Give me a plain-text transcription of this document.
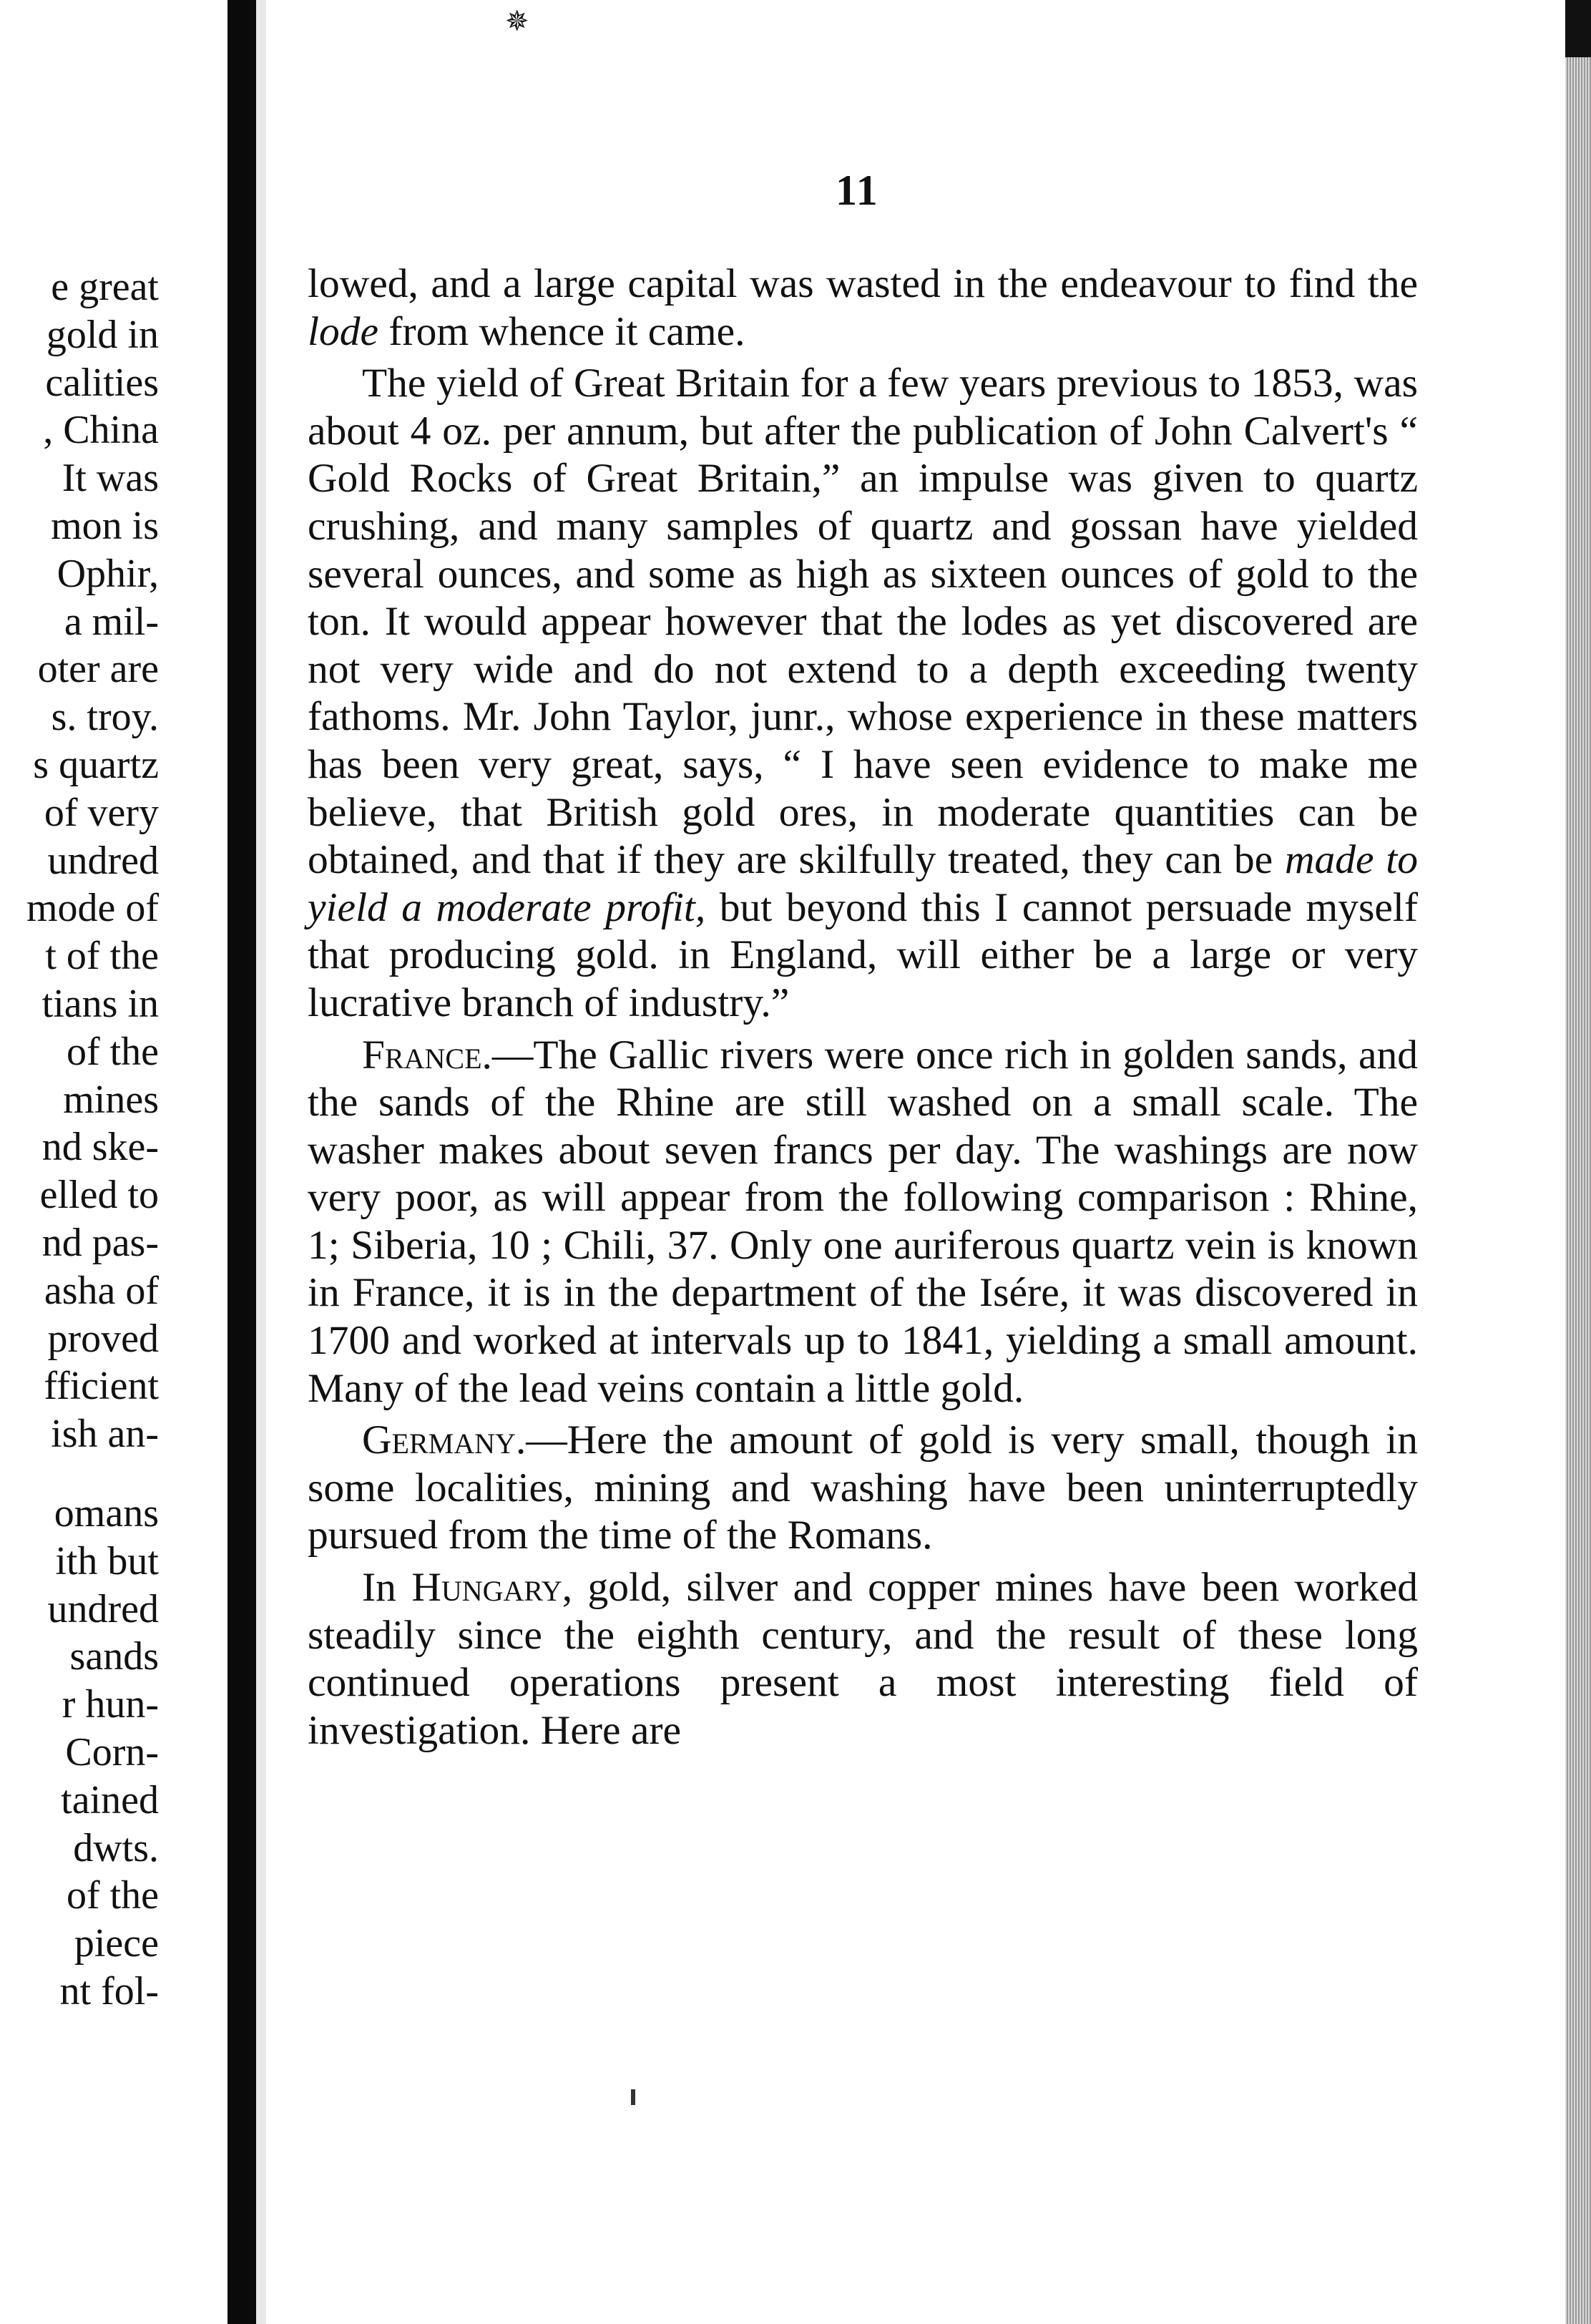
e great
gold in
calities
, China
It was
mon is
Ophir,
a mil-
oter are
s. troy.
s quartz
of very
undred
mode of
t of the
tians in
of the
mines
nd ske-
elled to
nd pas-
asha of
proved
fficient
ish an-
omans
ith but
undred
sands
r hun-
Corn-
tained
dwts.
of the
piece
nt fol-
✵
11

lowed, and a large capital was wasted in the endeavour to find the lode from whence it came.

The yield of Great Britain for a few years previous to 1853, was about 4 oz. per annum, but after the publication of John Calvert's “ Gold Rocks of Great Britain,” an impulse was given to quartz crushing, and many samples of quartz and gossan have yielded several ounces, and some as high as sixteen ounces of gold to the ton. It would appear however that the lodes as yet discovered are not very wide and do not extend to a depth exceeding twenty fathoms. Mr. John Taylor, junr., whose experience in these matters has been very great, says, “ I have seen evidence to make me believe, that British gold ores, in moderate quantities can be obtained, and that if they are skilfully treated, they can be made to yield a moderate profit, but beyond this I cannot persuade myself that producing gold. in England, will either be a large or very lucrative branch of industry.”

France.—The Gallic rivers were once rich in golden sands, and the sands of the Rhine are still washed on a small scale. The washer makes about seven francs per day. The washings are now very poor, as will appear from the following comparison : Rhine, 1; Siberia, 10 ; Chili, 37. Only one auriferous quartz vein is known in France, it is in the department of the Isére, it was discovered in 1700 and worked at intervals up to 1841, yielding a small amount. Many of the lead veins contain a little gold.

Germany.—Here the amount of gold is very small, though in some localities, mining and washing have been uninterruptedly pursued from the time of the Romans.

In Hungary, gold, silver and copper mines have been worked steadily since the eighth century, and the result of these long continued operations present a most interesting field of investigation. Here are
